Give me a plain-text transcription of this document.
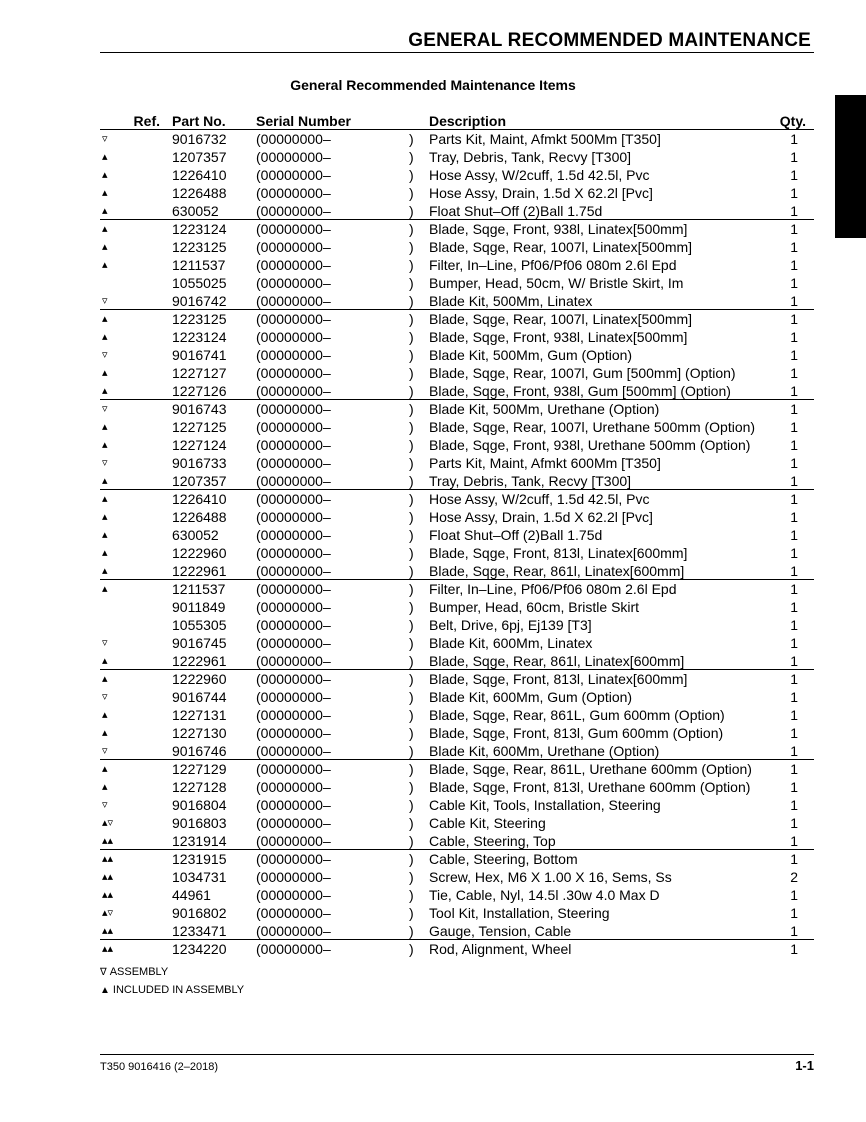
GENERAL RECOMMENDED MAINTENANCE
General Recommended Maintenance Items
Ref. Part No. Serial Number	Description	Qty.
▿	9016732 (00000000–	) Parts Kit, Maint, Afmkt 500Mm [T350]	1
▴	1207357 (00000000–	) Tray, Debris, Tank, Recvy [T300]	1
▴	1226410 (00000000–	) Hose Assy, W/2cuff, 1.5d 42.5l, Pvc	1
▴	1226488 (00000000–	) Hose Assy, Drain, 1.5d X 62.2l [Pvc]	1
▴	630052	(00000000–	) Float Shut–Off (2)Ball 1.75d	1
▴	1223124 (00000000–	) Blade, Sqge, Front, 938l, Linatex[500mm]	1
▴	1223125 (00000000–	) Blade, Sqge, Rear, 1007l, Linatex[500mm]	1
▴	1211537 (00000000–	) Filter, In–Line, Pf06/Pf06 080m 2.6l Epd	1
1055025 (00000000–	) Bumper, Head, 50cm, W/ Bristle Skirt, Im	1
▿	9016742 (00000000–	) Blade Kit, 500Mm, Linatex	1
▴	1223125 (00000000–	) Blade, Sqge, Rear, 1007l, Linatex[500mm]	1
▴	1223124 (00000000–	) Blade, Sqge, Front, 938l, Linatex[500mm]	1
▿	9016741 (00000000–	) Blade Kit, 500Mm, Gum (Option)	1
▴	1227127 (00000000–	) Blade, Sqge, Rear, 1007l, Gum [500mm] (Option)	1
▴	1227126 (00000000–	) Blade, Sqge, Front, 938l, Gum [500mm] (Option)	1
▿	9016743 (00000000–	) Blade Kit, 500Mm, Urethane (Option)	1
▴	1227125 (00000000–	) Blade, Sqge, Rear, 1007l, Urethane 500mm (Option)	1
▴	1227124 (00000000–	) Blade, Sqge, Front, 938l, Urethane 500mm (Option)	1
▿	9016733 (00000000–	) Parts Kit, Maint, Afmkt 600Mm [T350]	1
▴	1207357 (00000000–	) Tray, Debris, Tank, Recvy [T300]	1
▴	1226410 (00000000–	) Hose Assy, W/2cuff, 1.5d 42.5l, Pvc	1
▴	1226488 (00000000–	) Hose Assy, Drain, 1.5d X 62.2l [Pvc]	1
▴	630052	(00000000–	) Float Shut–Off (2)Ball 1.75d	1
▴	1222960 (00000000–	) Blade, Sqge, Front, 813l, Linatex[600mm]	1
▴	1222961 (00000000–	) Blade, Sqge, Rear, 861l, Linatex[600mm]	1
▴	1211537 (00000000–	) Filter, In–Line, Pf06/Pf06 080m 2.6l Epd	1
9011849 (00000000–	) Bumper, Head, 60cm, Bristle Skirt	1
1055305 (00000000–	) Belt, Drive, 6pj, Ej139 [T3]	1
▿	9016745 (00000000–	) Blade Kit, 600Mm, Linatex	1
▴	1222961 (00000000–	) Blade, Sqge, Rear, 861l, Linatex[600mm]	1
▴	1222960 (00000000–	) Blade, Sqge, Front, 813l, Linatex[600mm]	1
▿	9016744 (00000000–	) Blade Kit, 600Mm, Gum (Option)	1
▴	1227131 (00000000–	) Blade, Sqge, Rear, 861L, Gum 600mm (Option)	1
▴	1227130 (00000000–	) Blade, Sqge, Front, 813l, Gum 600mm (Option)	1
▿	9016746 (00000000–	) Blade Kit, 600Mm, Urethane (Option)	1
▴	1227129 (00000000–	) Blade, Sqge, Rear, 861L, Urethane 600mm (Option)	1
▴	1227128 (00000000–	) Blade, Sqge, Front, 813l, Urethane 600mm (Option)	1
▿	9016804 (00000000–	) Cable Kit, Tools, Installation, Steering	1
▴▿	9016803 (00000000–	) Cable Kit, Steering	1
▴▴	1231914 (00000000–	) Cable, Steering, Top	1
▴▴	1231915 (00000000–	) Cable, Steering, Bottom	1
▴▴	1034731 (00000000–	) Screw, Hex, M6 X 1.00 X 16, Sems, Ss	2
▴▴	44961	(00000000–	) Tie, Cable, Nyl, 14.5l .30w 4.0 Max D	1
▴▿	9016802 (00000000–	) Tool Kit, Installation, Steering	1
▴▴	1233471 (00000000–	) Gauge, Tension, Cable	1
▴▴	1234220 (00000000–	) Rod, Alignment, Wheel	1
∇ ASSEMBLY
▲ INCLUDED IN ASSEMBLY
T350 9016416 (2–2018)	1-1
